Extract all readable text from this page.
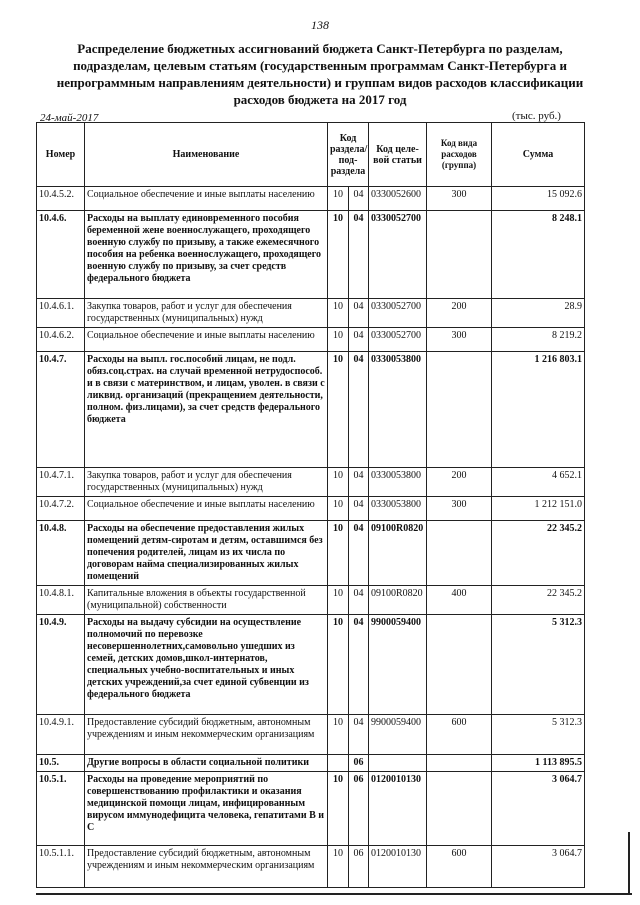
138
Распределение бюджетных ассигнований бюджета Санкт-Петербурга по разделам, подразделам, целевым статьям (государственным программам Санкт-Петербурга и непрограммным направлениям деятельности) и группам видов расходов классификации расходов бюджета на 2017 год
24-май-2017	(тыс. руб.)
Номер	Наименование	Код раздела/ под- раздела		Код целе- вой статьи	Код вида расходов (группа)	Сумма
10.4.5.2.	Социальное обеспечение и иные выплаты населению	10	04	0330052600	300	15 092.6
10.4.6.	Расходы на выплату единовременного пособия беременной жене военнослужащего, проходящего военную службу по призыву, а также ежемесячного пособия на ребенка военнослужащего, проходящего военную службу по призыву, за счет средств федерального бюджета	10	04	0330052700		8 248.1
10.4.6.1.	Закупка товаров, работ и услуг для обеспечения государственных (муниципальных) нужд	10	04	0330052700	200	28.9
10.4.6.2.	Социальное обеспечение и иные выплаты населению	10	04	0330052700	300	8 219.2
10.4.7.	Расходы на выпл. гос.пособий лицам, не подл. обяз.соц.страх. на случай временной нетрудоспособ. и в связи с материнством, и лицам, уволен. в связи с ликвид. организаций (прекращением деятельности, полном. физ.лицами), за счет средств федерального бюджета	10	04	0330053800		1 216 803.1
10.4.7.1.	Закупка товаров, работ и услуг для обеспечения государственных (муниципальных) нужд	10	04	0330053800	200	4 652.1
10.4.7.2.	Социальное обеспечение и иные выплаты населению	10	04	0330053800	300	1 212 151.0
10.4.8.	Расходы на обеспечение предоставления жилых помещений детям-сиротам и детям, оставшимся без попечения родителей, лицам из их числа по договорам найма специализированных жилых помещений	10	04	09100R0820		22 345.2
10.4.8.1.	Капитальные вложения в объекты государственной (муниципальной) собственности	10	04	09100R0820	400	22 345.2
10.4.9.	Расходы на выдачу субсидии на осуществление полномочий по перевозке несовершеннолетних,самовольно ушедших из семей, детских домов,школ-интернатов, специальных учебно-воспитательных и иных детских учреждений,за счет единой субвенции из федерального бюджета	10	04	9900059400		5 312.3
10.4.9.1.	Предоставление субсидий бюджетным, автономным учреждениям и иным некоммерческим организациям	10	04	9900059400	600	5 312.3
10.5.	Другие вопросы в области социальной политики		06			1 113 895.5
10.5.1.	Расходы на проведение мероприятий по совершенствованию профилактики и оказания медицинской помощи лицам, инфицированным вирусом иммунодефицита человека, гепатитами В и С	10	06	0120010130		3 064.7
10.5.1.1.	Предоставление субсидий бюджетным, автономным учреждениям и иным некоммерческим организациям	10	06	0120010130	600	3 064.7
